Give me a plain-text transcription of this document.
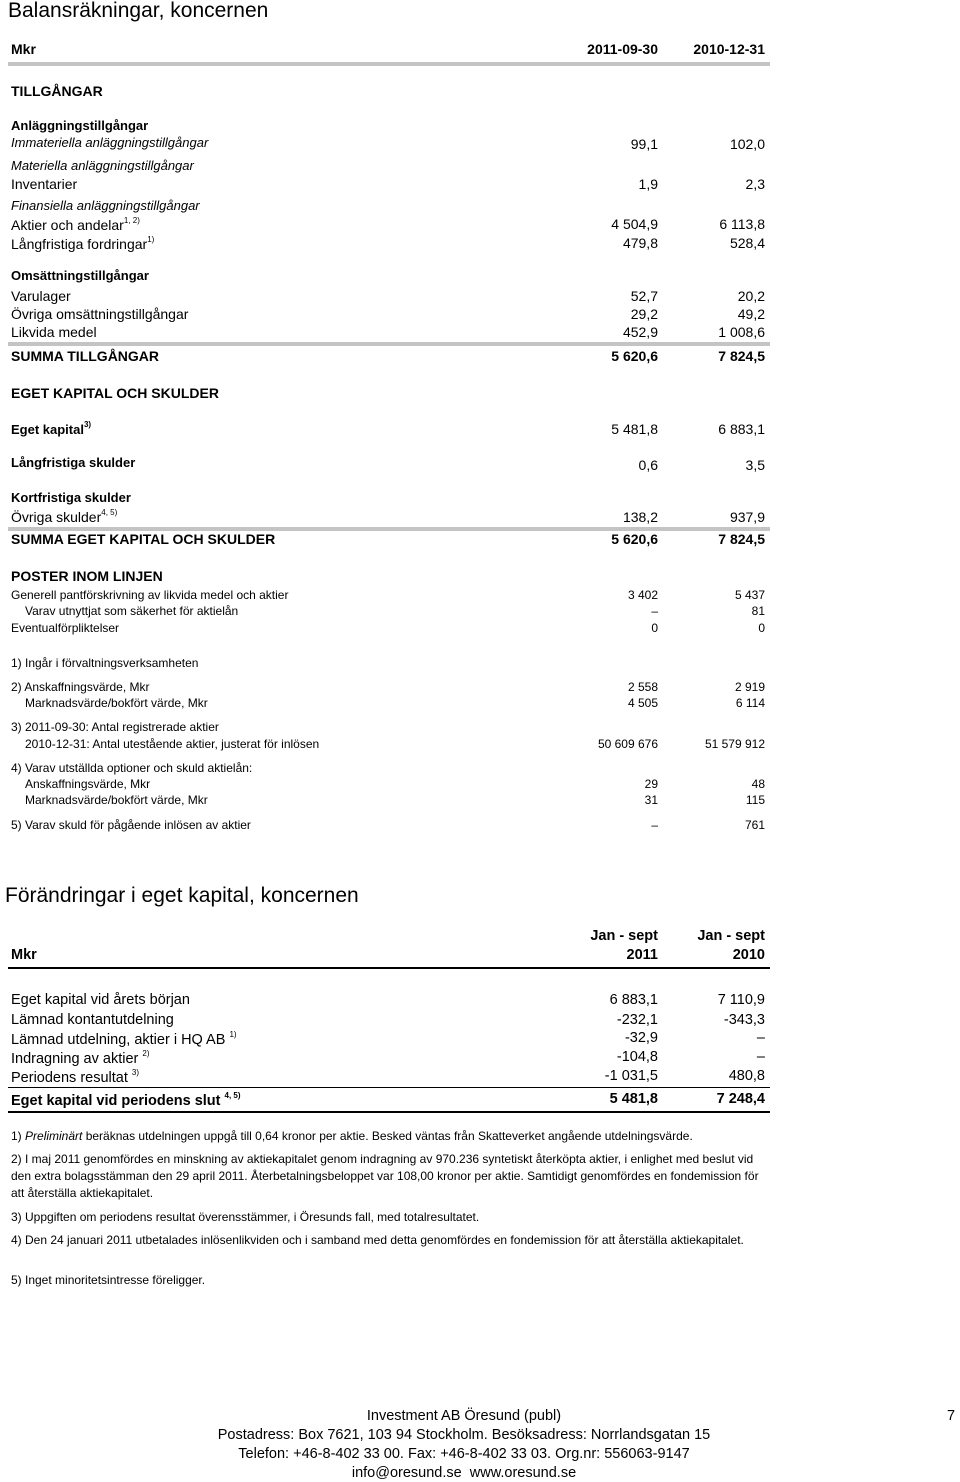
Balansräkningar, koncernen
Mkr	2011-09-30	2010-12-31
TILLGÅNGAR
Anläggningstillgångar
Immateriella anläggningstillgångar	99,1	102,0
Materiella anläggningstillgångar
Inventarier	1,9	2,3
Finansiella anläggningstillgångar
Aktier och andelar$^{1, 2)}$	4 504,9	6 113,8
Långfristiga fordringar$^{1)}$	479,8	528,4
Omsättningstillgångar
Varulager	52,7	20,2
Övriga omsättningstillgångar	29,2	49,2
Likvida medel	452,9	1 008,6
SUMMA TILLGÅNGAR	5 620,6	7 824,5
EGET KAPITAL OCH SKULDER
Eget kapital$^{3)}$	5 481,8	6 883,1
Långfristiga skulder	0,6	3,5
Kortfristiga skulder
Övriga skulder$^{4, 5)}$	138,2	937,9
SUMMA EGET KAPITAL OCH SKULDER	5 620,6	7 824,5
POSTER INOM LINJEN
Generell pantförskrivning av likvida medel och aktier	3 402	5 437
Varav utnyttjat som säkerhet för aktielån	–	81
Eventualförpliktelser	0	0
1) Ingår i förvaltningsverksamheten
2) Anskaffningsvärde, Mkr	2 558	2 919
Marknadsvärde/bokfört värde, Mkr	4 505	6 114
3) 2011-09-30: Antal registrerade aktier
2010-12-31: Antal utestående aktier, justerat för inlösen	50 609 676	51 579 912
4) Varav utställda optioner och skuld aktielån:
Anskaffningsvärde, Mkr	29	48
Marknadsvärde/bokfört värde, Mkr	31	115
5) Varav skuld för pågående inlösen av aktier	–	761
Förändringar i eget kapital, koncernen
Jan - sept	Jan - sept
Mkr	2011	2010
Eget kapital vid årets början	6 883,1	7 110,9
Lämnad kontantutdelning	-232,1	-343,3
Lämnad utdelning, aktier i HQ AB $^{1)}$	-32,9	–
Indragning av aktier $^{2)}$	-104,8	–
Periodens resultat $^{3)}$	-1 031,5	480,8
Eget kapital vid periodens slut $^{4, 5)}$	5 481,8	7 248,4
1) Preliminärt beräknas utdelningen uppgå till 0,64 kronor per aktie. Besked väntas från Skatteverket angående utdelningsvärde.
2) I maj 2011 genomfördes en minskning av aktiekapitalet genom indragning av 970.236 syntetiskt återköpta aktier, i enlighet med beslut vid den extra bolagsstämman den 29 april 2011. Återbetalningsbeloppet var 108,00 kronor per aktie. Samtidigt genomfördes en fondemission för att återställa aktiekapitalet.
3) Uppgiften om periodens resultat överensstämmer, i Öresunds fall, med totalresultatet.
4) Den 24 januari 2011 utbetalades inlösenlikviden och i samband med detta genomfördes en fondemission för att återställa aktiekapitalet.
5) Inget minoritetsintresse föreligger.
Investment AB Öresund (publ)	7
Postadress: Box 7621, 103 94 Stockholm. Besöksadress: Norrlandsgatan 15
Telefon: +46-8-402 33 00. Fax: +46-8-402 33 03. Org.nr: 556063-9147
info@oresund.se www.oresund.se
